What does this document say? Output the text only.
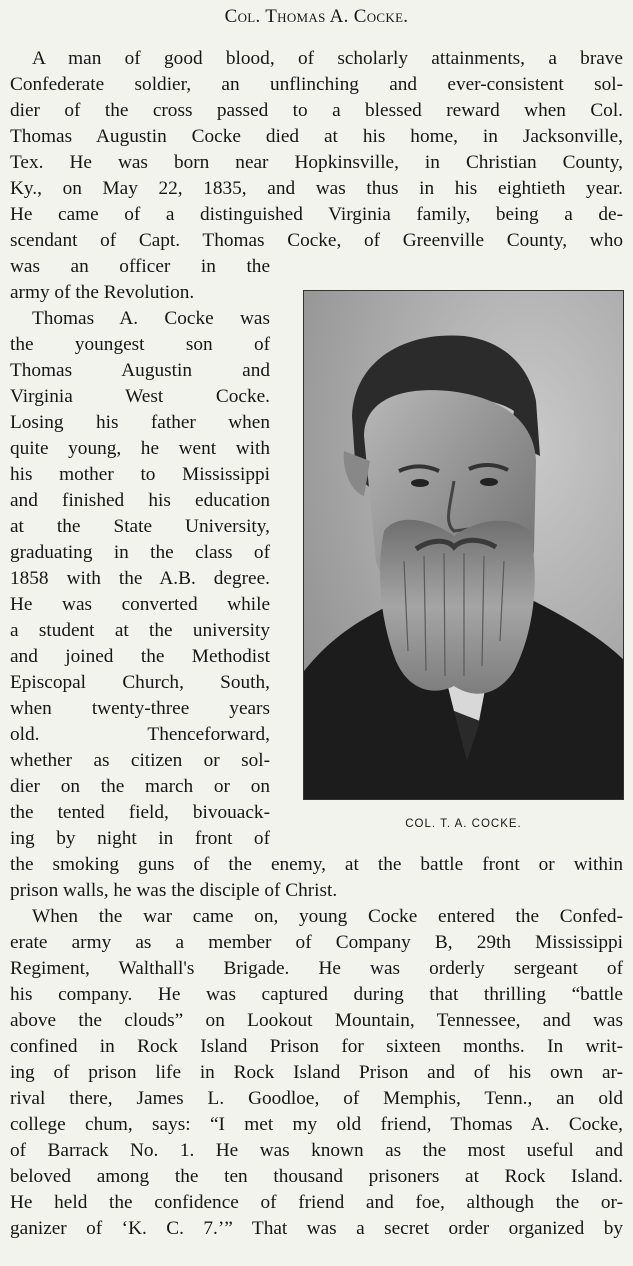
Col. Thomas A. Cocke.
A man of good blood, of scholarly attainments, a brave
Confederate soldier, an unflinching and ever-consistent sol-
dier of the cross passed to a blessed reward when Col.
Thomas Augustin Cocke died at his home, in Jacksonville,
Tex. He was born near Hopkinsville, in Christian County,
Ky., on May 22, 1835, and was thus in his eightieth year.
He came of a distinguished Virginia family, being a de-
scendant of Capt. Thomas Cocke, of Greenville County, who
was an officer in the
army of the Revolution.
Thomas A. Cocke was
the youngest son of
Thomas Augustin and
Virginia West Cocke.
Losing his father when
quite young, he went with
his mother to Mississippi
and finished his education
at the State University,
graduating in the class of
1858 with the A.B. degree.
He was converted while
a student at the university
and joined the Methodist
Episcopal Church, South,
when twenty-three years
old. Thenceforward,
whether as citizen or sol-
dier on the march or on
the tented field, bivouack-
ing by night in front of
the smoking guns of the enemy, at the battle front or within
prison walls, he was the disciple of Christ.
When the war came on, young Cocke entered the Confed-
erate army as a member of Company B, 29th Mississippi
Regiment, Walthall's Brigade. He was orderly sergeant of
his company. He was captured during that thrilling “battle
above the clouds” on Lookout Mountain, Tennessee, and was
confined in Rock Island Prison for sixteen months. In writ-
ing of prison life in Rock Island Prison and of his own ar-
rival there, James L. Goodloe, of Memphis, Tenn., an old
college chum, says: “I met my old friend, Thomas A. Cocke,
of Barrack No. 1. He was known as the most useful and
beloved among the ten thousand prisoners at Rock Island.
He held the confidence of friend and foe, although the or-
ganizer of ‘K. C. 7.’” That was a secret order organized by
COL. T. A. COCKE.
